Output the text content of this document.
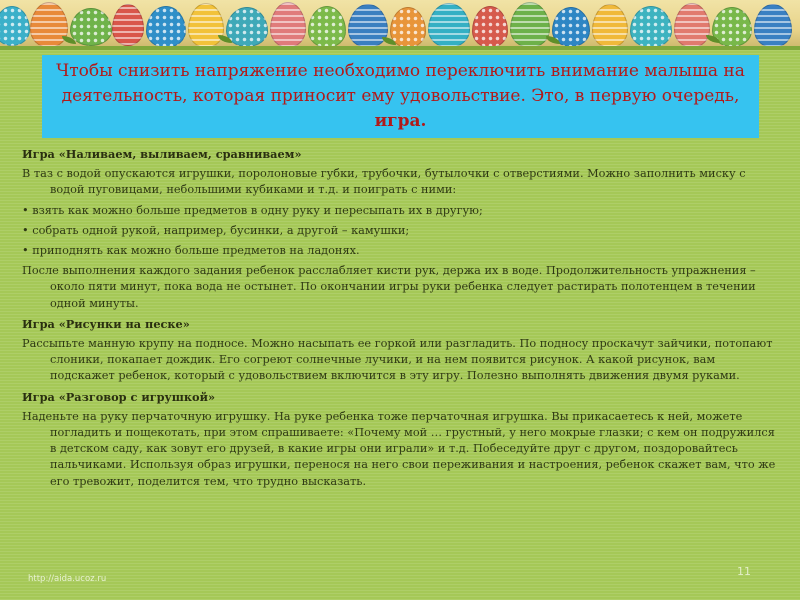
Чтобы снизить напряжение необходимо переключить внимание малыша на деятельность, которая приносит ему удовольствие. Это, в первую очередь, игра.

Игра «Наливаем, выливаем, сравниваем»

В таз с водой опускаются игрушки, поролоновые губки, трубочки, бутылочки с отверстиями. Можно заполнить миску с водой пуговицами, небольшими кубиками и т.д. и поиграть с ними:

• взять как можно больше предметов в одну руку и пересыпать их в другую;

• собрать одной рукой, например, бусинки, а другой – камушки;

• приподнять как можно больше предметов на ладонях.

После выполнения каждого задания ребенок расслабляет кисти рук, держа их в воде. Продолжительность упражнения – около пяти минут, пока вода не остынет. По окончании игры руки ребенка следует растирать полотенцем в течении одной минуты.

Игра «Рисунки на песке»

Рассыпьте манную крупу на подносе. Можно насыпать ее горкой или разгладить. По подносу проскачут зайчики, потопают слоники, покапает дождик. Его согреют солнечные лучики, и на нем появится рисунок. А какой рисунок, вам подскажет ребенок, который с удовольствием включится в эту игру. Полезно выполнять движения двумя руками.

Игра «Разговор с игрушкой»

Наденьте на руку перчаточную игрушку. На руке ребенка тоже перчаточная игрушка. Вы прикасаетесь к ней, можете погладить и пощекотать, при этом спрашиваете: «Почему мой … грустный, у него мокрые глазки; с кем он подружился в детском саду, как зовут его друзей, в какие игры они играли» и т.д. Побеседуйте друг с другом, поздоровайтесь пальчиками. Используя образ игрушки, перенося на него свои переживания и настроения, ребенок скажет вам, что же его тревожит, поделится тем, что трудно высказать.

http://aida.ucoz.ru
11
